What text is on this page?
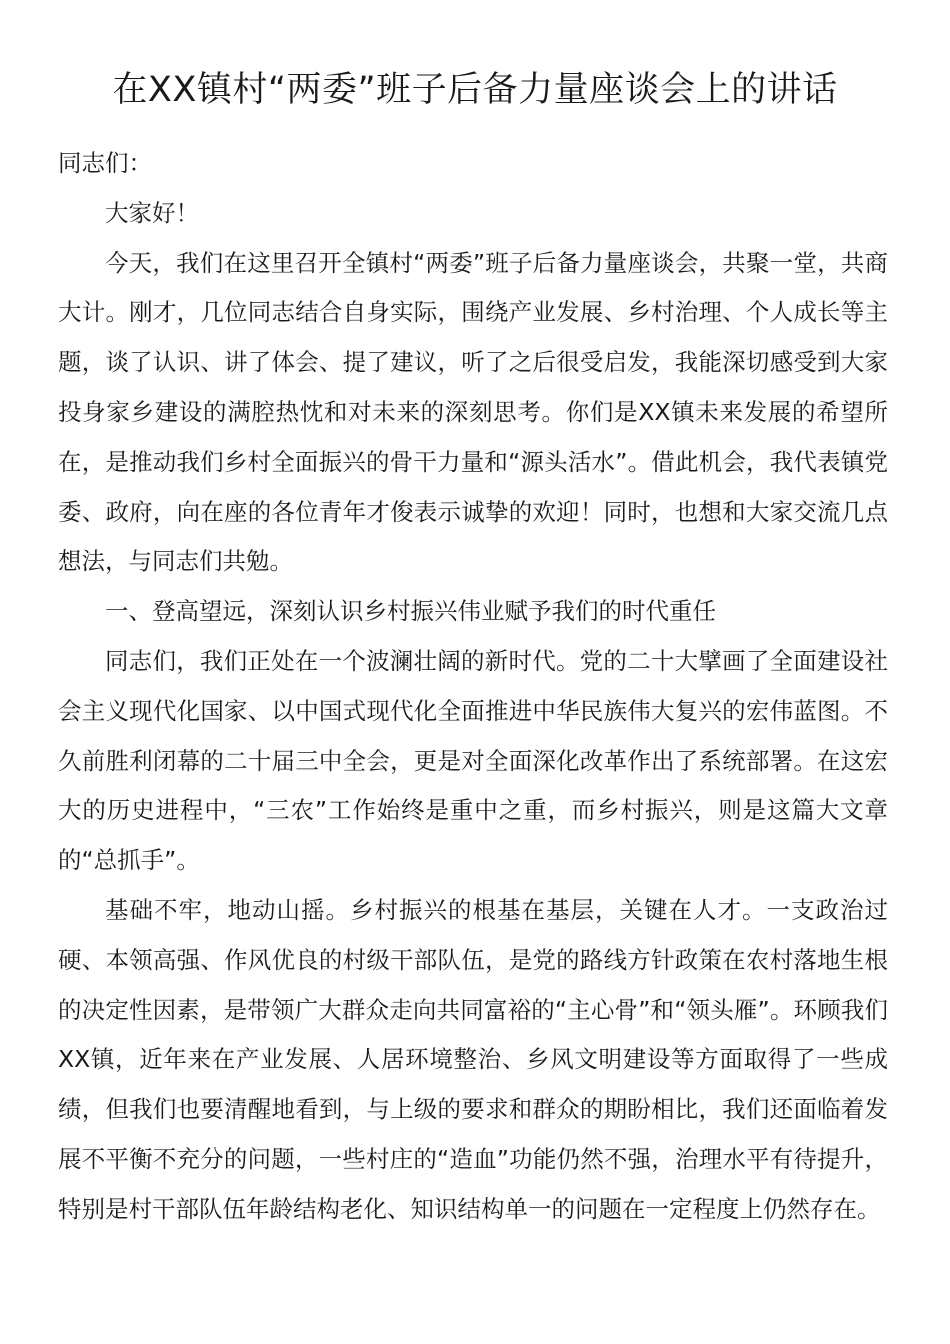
在XX镇村“两委”班子后备力量座谈会上的讲话

同志们：

大家好！

今天，我们在这里召开全镇村“两委”班子后备力量座谈会，共聚一堂，共商大计。刚才，几位同志结合自身实际，围绕产业发展、乡村治理、个人成长等主题，谈了认识、讲了体会、提了建议，听了之后很受启发，我能深切感受到大家投身家乡建设的满腔热忱和对未来的深刻思考。你们是XX镇未来发展的希望所在，是推动我们乡村全面振兴的骨干力量和“源头活水”。借此机会，我代表镇党委、政府，向在座的各位青年才俊表示诚挚的欢迎！同时，也想和大家交流几点想法，与同志们共勉。

一、登高望远，深刻认识乡村振兴伟业赋予我们的时代重任

同志们，我们正处在一个波澜壮阔的新时代。党的二十大擘画了全面建设社会主义现代化国家、以中国式现代化全面推进中华民族伟大复兴的宏伟蓝图。不久前胜利闭幕的二十届三中全会，更是对全面深化改革作出了系统部署。在这宏大的历史进程中，“三农”工作始终是重中之重，而乡村振兴，则是这篇大文章的“总抓手”。

基础不牢，地动山摇。乡村振兴的根基在基层，关键在人才。一支政治过硬、本领高强、作风优良的村级干部队伍，是党的路线方针政策在农村落地生根的决定性因素，是带领广大群众走向共同富裕的“主心骨”和“领头雁”。环顾我们XX镇，近年来在产业发展、人居环境整治、乡风文明建设等方面取得了一些成绩，但我们也要清醒地看到，与上级的要求和群众的期盼相比，我们还面临着发展不平衡不充分的问题，一些村庄的“造血”功能仍然不强，治理水平有待提升，特别是村干部队伍年龄结构老化、知识结构单一的问题在一定程度上仍然存在。
